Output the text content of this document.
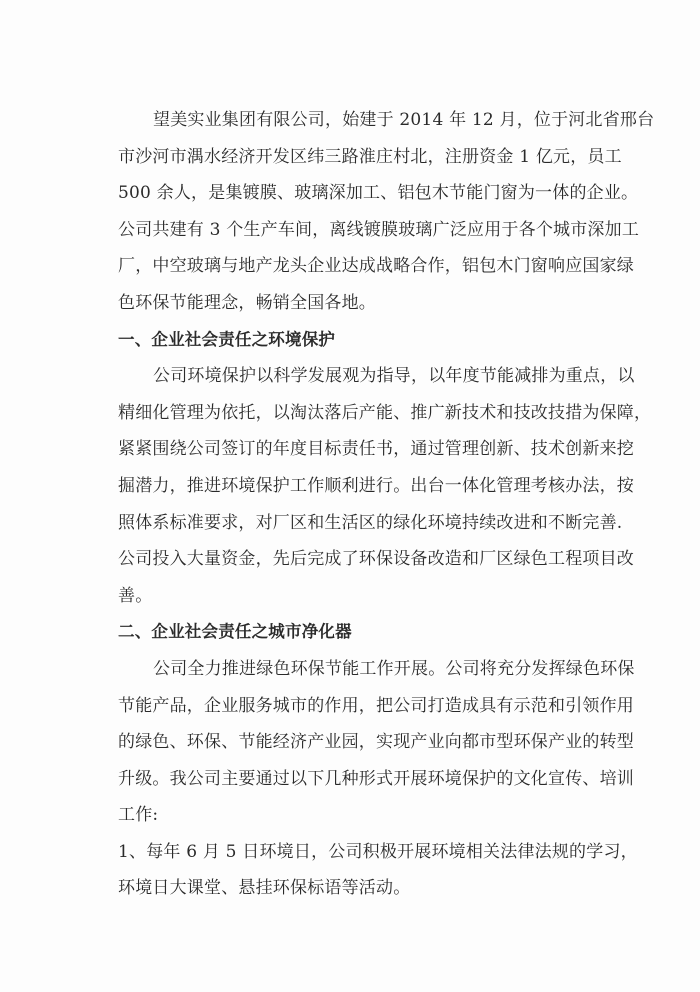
望美实业集团有限公司，始建于 2014 年 12 月，位于河北省邢台
市沙河市湡水经济开发区纬三路淮庄村北，注册资金 1 亿元，员工
500 余人，是集镀膜、玻璃深加工、铝包木节能门窗为一体的企业。
公司共建有 3 个生产车间，离线镀膜玻璃广泛应用于各个城市深加工
厂，中空玻璃与地产龙头企业达成战略合作，铝包木门窗响应国家绿
色环保节能理念，畅销全国各地。
一、企业社会责任之环境保护
公司环境保护以科学发展观为指导，以年度节能减排为重点，以
精细化管理为依托，以淘汰落后产能、推广新技术和技改技措为保障，
紧紧围绕公司签订的年度目标责任书，通过管理创新、技术创新来挖
掘潜力，推进环境保护工作顺利进行。出台一体化管理考核办法，按
照体系标准要求，对厂区和生活区的绿化环境持续改进和不断完善.
公司投入大量资金，先后完成了环保设备改造和厂区绿色工程项目改
善。
二、企业社会责任之城市净化器
公司全力推进绿色环保节能工作开展。公司将充分发挥绿色环保
节能产品，企业服务城市的作用，把公司打造成具有示范和引领作用
的绿色、环保、节能经济产业园，实现产业向都市型环保产业的转型
升级。我公司主要通过以下几种形式开展环境保护的文化宣传、培训
工作:
1、每年 6 月 5 日环境日，公司积极开展环境相关法律法规的学习，
环境日大课堂、悬挂环保标语等活动。
